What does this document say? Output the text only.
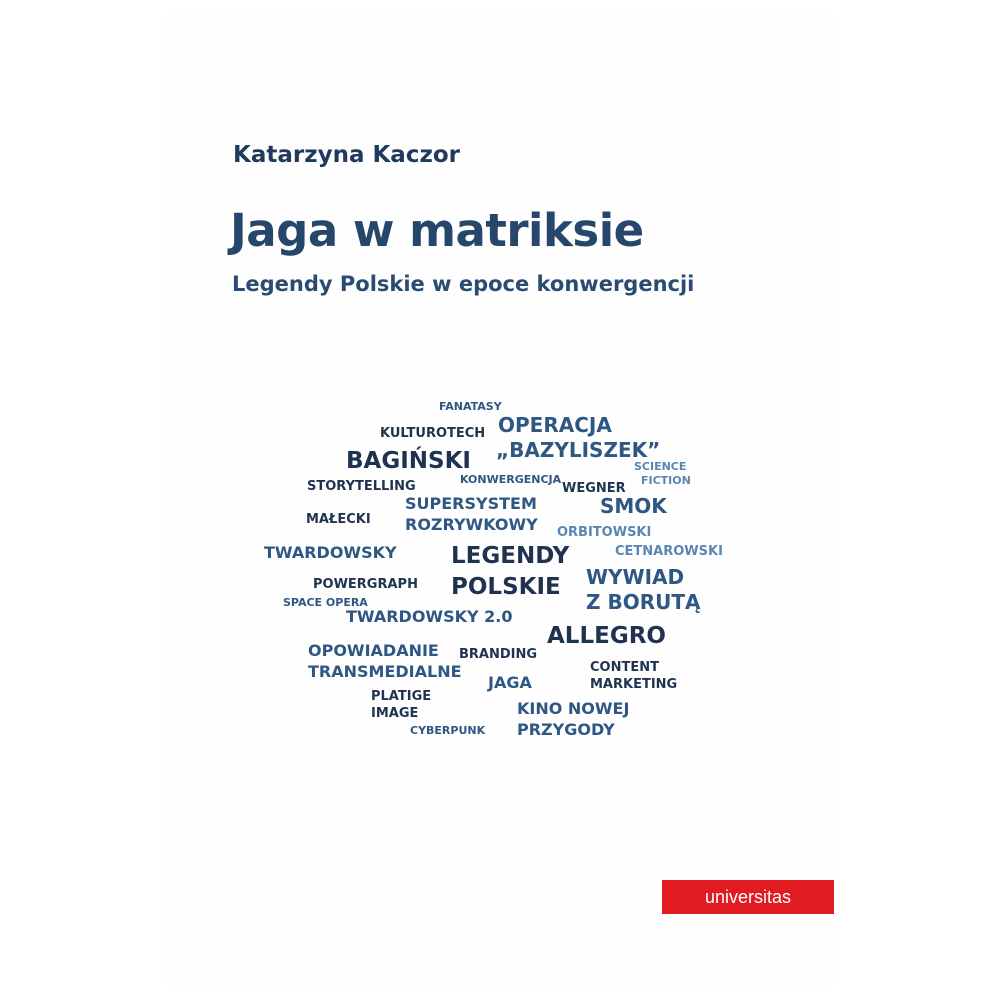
Katarzyna Kaczor
Jaga w matriksie
Legendy Polskie w epoce konwergencji
FANATASY
OPERACJA
KULTUROTECH
„BAZYLISZEK”
BAGIŃSKI	SCIENCE
FICTION
KONWERGENCJA
STORYTELLING	WEGNER
SMOK
SUPERSYSTEM
MAŁECKI ROZRYWKOWY ORBITOWSKI
TWARDOWSKY LEGENDY	CETNAROWSKI
WYWIAD
POWERGRAPH POLSKIE
SPACE OPERA	Z BORUTĄ
TWARDOWSKY 2.0
ALLEGRO
OPOWIADANIE BRANDING
TRANSMEDIALNE	CONTENT
JAGA	MARKETING
PLATIGE
IMAGE	KINO NOWEJ
CYBERPUNK PRZYGODY
universitas
